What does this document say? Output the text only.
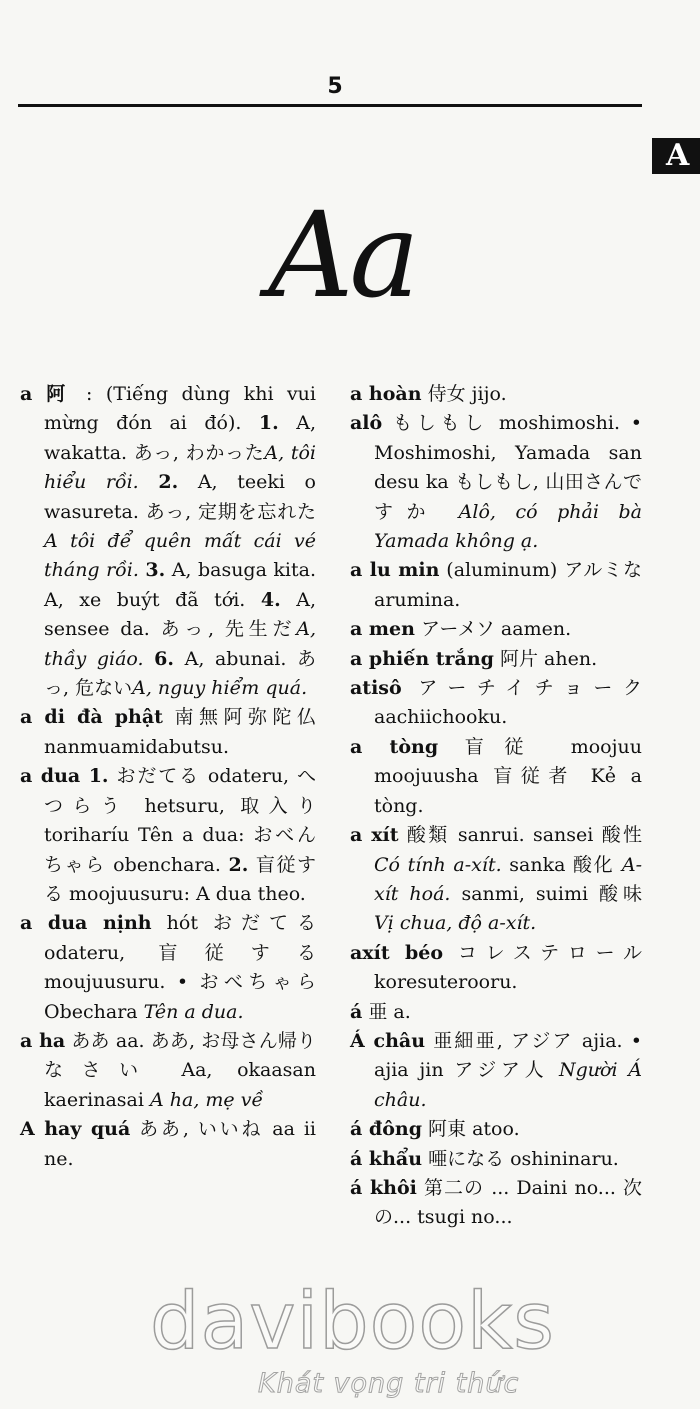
5
A
Aa

a 阿 : (Tiếng dùng khi vui mừng đón ai đó). 1. A, wakatta. あっ, わかったA, tôi hiểu rồi. 2. A, teeki o wasureta. あっ, 定期を忘れたA tôi để quên mất cái vé tháng rồi. 3. A, basuga kita. A, xe buýt đã tới. 4. A, sensee da. あっ, 先生だA, thầy giáo. 6. A, abunai. あっ, 危ないA, nguy hiểm quá.

a di đà phật 南無阿弥陀仏 nanmuamidabutsu.

a dua 1. おだてる odateru, へつらう hetsuru, 取入り toriharíu Tên a dua: おべんちゃら obenchara. 2. 盲従する moojuusuru: A dua theo.

a dua nịnh hót おだてる odateru, 盲従する moujuusuru. • おべちゃら Obechara Tên a dua.

a ha ああ aa. ああ, お母さん帰りなさい Aa, okaasan kaerinasai A ha, mẹ về

A hay quá ああ, いいね aa ii ne.

a hoàn 侍女 jijo.

alô もしもし moshimoshi. • Moshimoshi, Yamada san desu ka もしもし, 山田さんですか Alô, có phải bà Yamada không ạ.

a lu min (aluminum) アルミな arumina.

a men アーメソ aamen.

a phiến trắng 阿片 ahen.

atisô アーチイチョーク aachiichooku.

a tòng 盲従 moojuu moojuusha 盲従者 Kẻ a tòng.

a xít 酸類 sanrui. sansei 酸性 Có tính a-xít. sanka 酸化 A-xít hoá. sanmi, suimi 酸味 Vị chua, độ a-xít.

axít béo コレステロール koresuterooru.

á 亜 a.

Á châu 亜細亜, アジア ajia. • ajia jin アジア人 Người Á châu.

á đông 阿東 atoo.

á khẩu 唖になる oshininaru.

á khôi 第二の ... Daini no... 次の... tsugi no...

davibooks
Khát vọng tri thức
